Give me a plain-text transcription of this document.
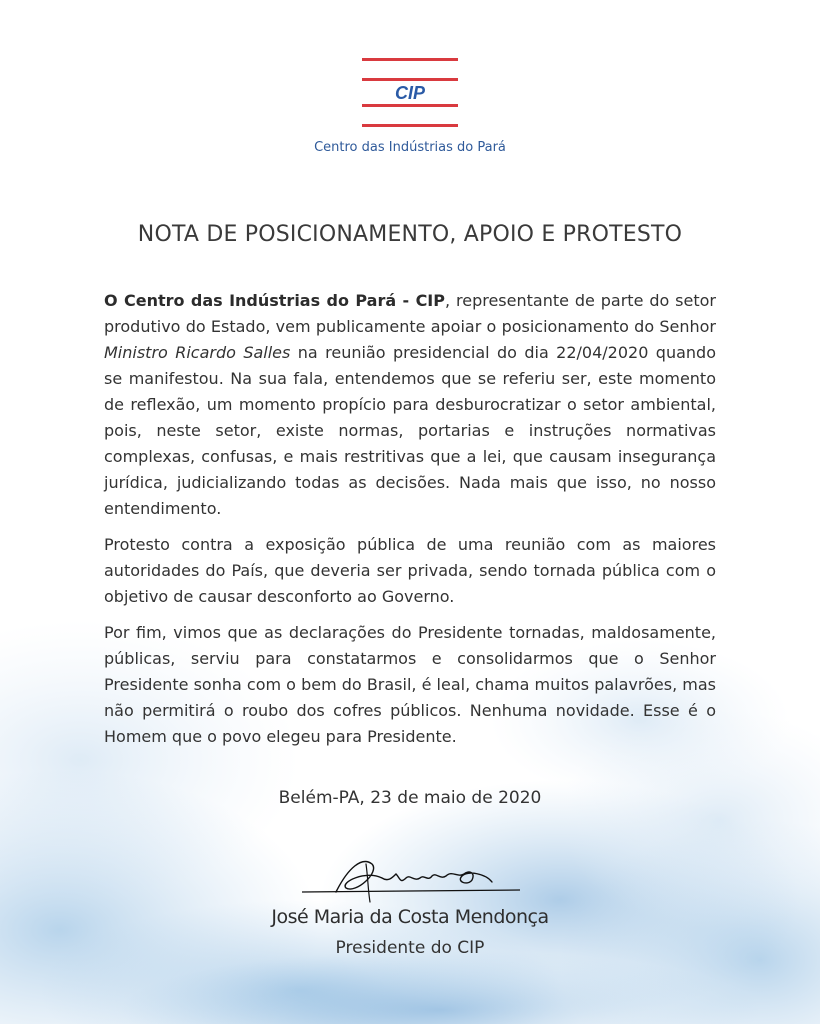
CIP
Centro das Indústrias do Pará
NOTA DE POSICIONAMENTO, APOIO E PROTESTO

O Centro das Indústrias do Pará - CIP, representante de parte do setor produtivo do Estado, vem publicamente apoiar o posicionamento do Senhor Ministro Ricardo Salles na reunião presidencial do dia 22/04/2020 quando se manifestou. Na sua fala, entendemos que se referiu ser, este momento de reflexão, um momento propício para desburocratizar o setor ambiental, pois, neste setor, existe normas, portarias e instruções normativas complexas, confusas, e mais restritivas que a lei, que causam insegurança jurídica, judicializando todas as decisões. Nada mais que isso, no nosso entendimento.

Protesto contra a exposição pública de uma reunião com as maiores autoridades do País, que deveria ser privada, sendo tornada pública com o objetivo de causar desconforto ao Governo.

Por fim, vimos que as declarações do Presidente tornadas, maldosamente, públicas, serviu para constatarmos e consolidarmos que o Senhor Presidente sonha com o bem do Brasil, é leal, chama muitos palavrões, mas não permitirá o roubo dos cofres públicos. Nenhuma novidade. Esse é o Homem que o povo elegeu para Presidente.

Belém-PA, 23 de maio de 2020
José Maria da Costa Mendonça
Presidente do CIP
